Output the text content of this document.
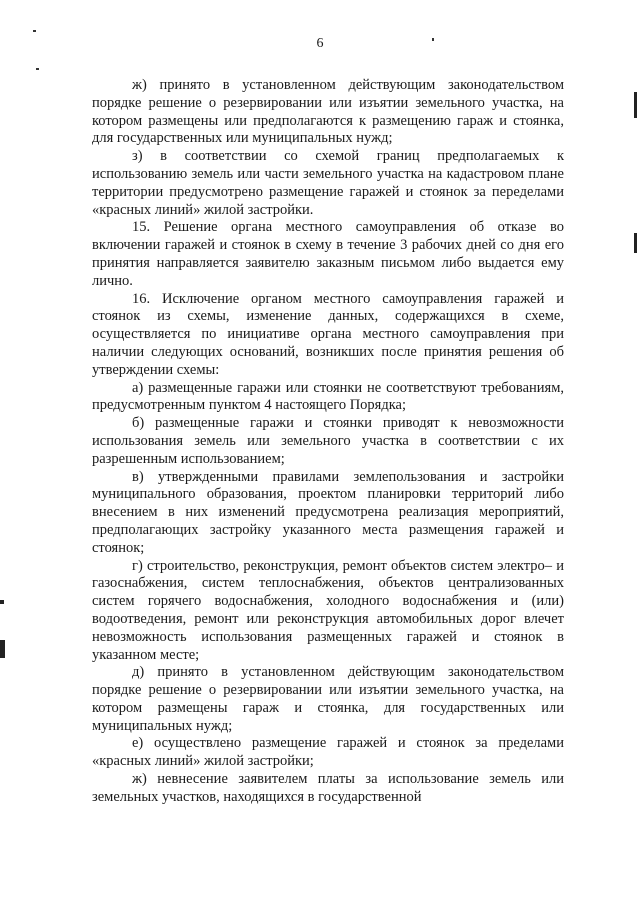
6

ж) принято в установленном действующим законодательством порядке решение о резервировании или изъятии земельного участка, на котором размещены или предполагаются к размещению гараж и стоянка, для государственных или муниципальных нужд;

з) в соответствии со схемой границ предполагаемых к использованию земель или части земельного участка на кадастровом плане территории предусмотрено размещение гаражей и стоянок за переделами «красных линий» жилой застройки.

15. Решение органа местного самоуправления об отказе во включении гаражей и стоянок в схему в течение 3 рабочих дней со дня его принятия направляется заявителю заказным письмом либо выдается ему лично.

16. Исключение органом местного самоуправления гаражей и стоянок из схемы, изменение данных, содержащихся в схеме, осуществляется по инициативе органа местного самоуправления при наличии следующих оснований, возникших после принятия решения об утверждении схемы:

а) размещенные гаражи или стоянки не соответствуют требованиям, предусмотренным пунктом 4 настоящего Порядка;

б) размещенные гаражи и стоянки приводят к невозможности использования земель или земельного участка в соответствии с их разрешенным использованием;

в) утвержденными правилами землепользования и застройки муниципального образования, проектом планировки территорий либо внесением в них изменений предусмотрена реализация мероприятий, предполагающих застройку указанного места размещения гаражей и стоянок;

г) строительство, реконструкция, ремонт объектов систем электро– и газоснабжения, систем теплоснабжения, объектов централизованных систем горячего водоснабжения, холодного водоснабжения и (или) водоотведения, ремонт или реконструкция автомобильных дорог влечет невозможность использования размещенных гаражей и стоянок в указанном месте;

д) принято в установленном действующим законодательством порядке решение о резервировании или изъятии земельного участка, на котором размещены гараж и стоянка, для государственных или муниципальных нужд;

е) осуществлено размещение гаражей и стоянок за пределами «красных линий» жилой застройки;

ж) невнесение заявителем платы за использование земель или земельных участков, находящихся в государственной
